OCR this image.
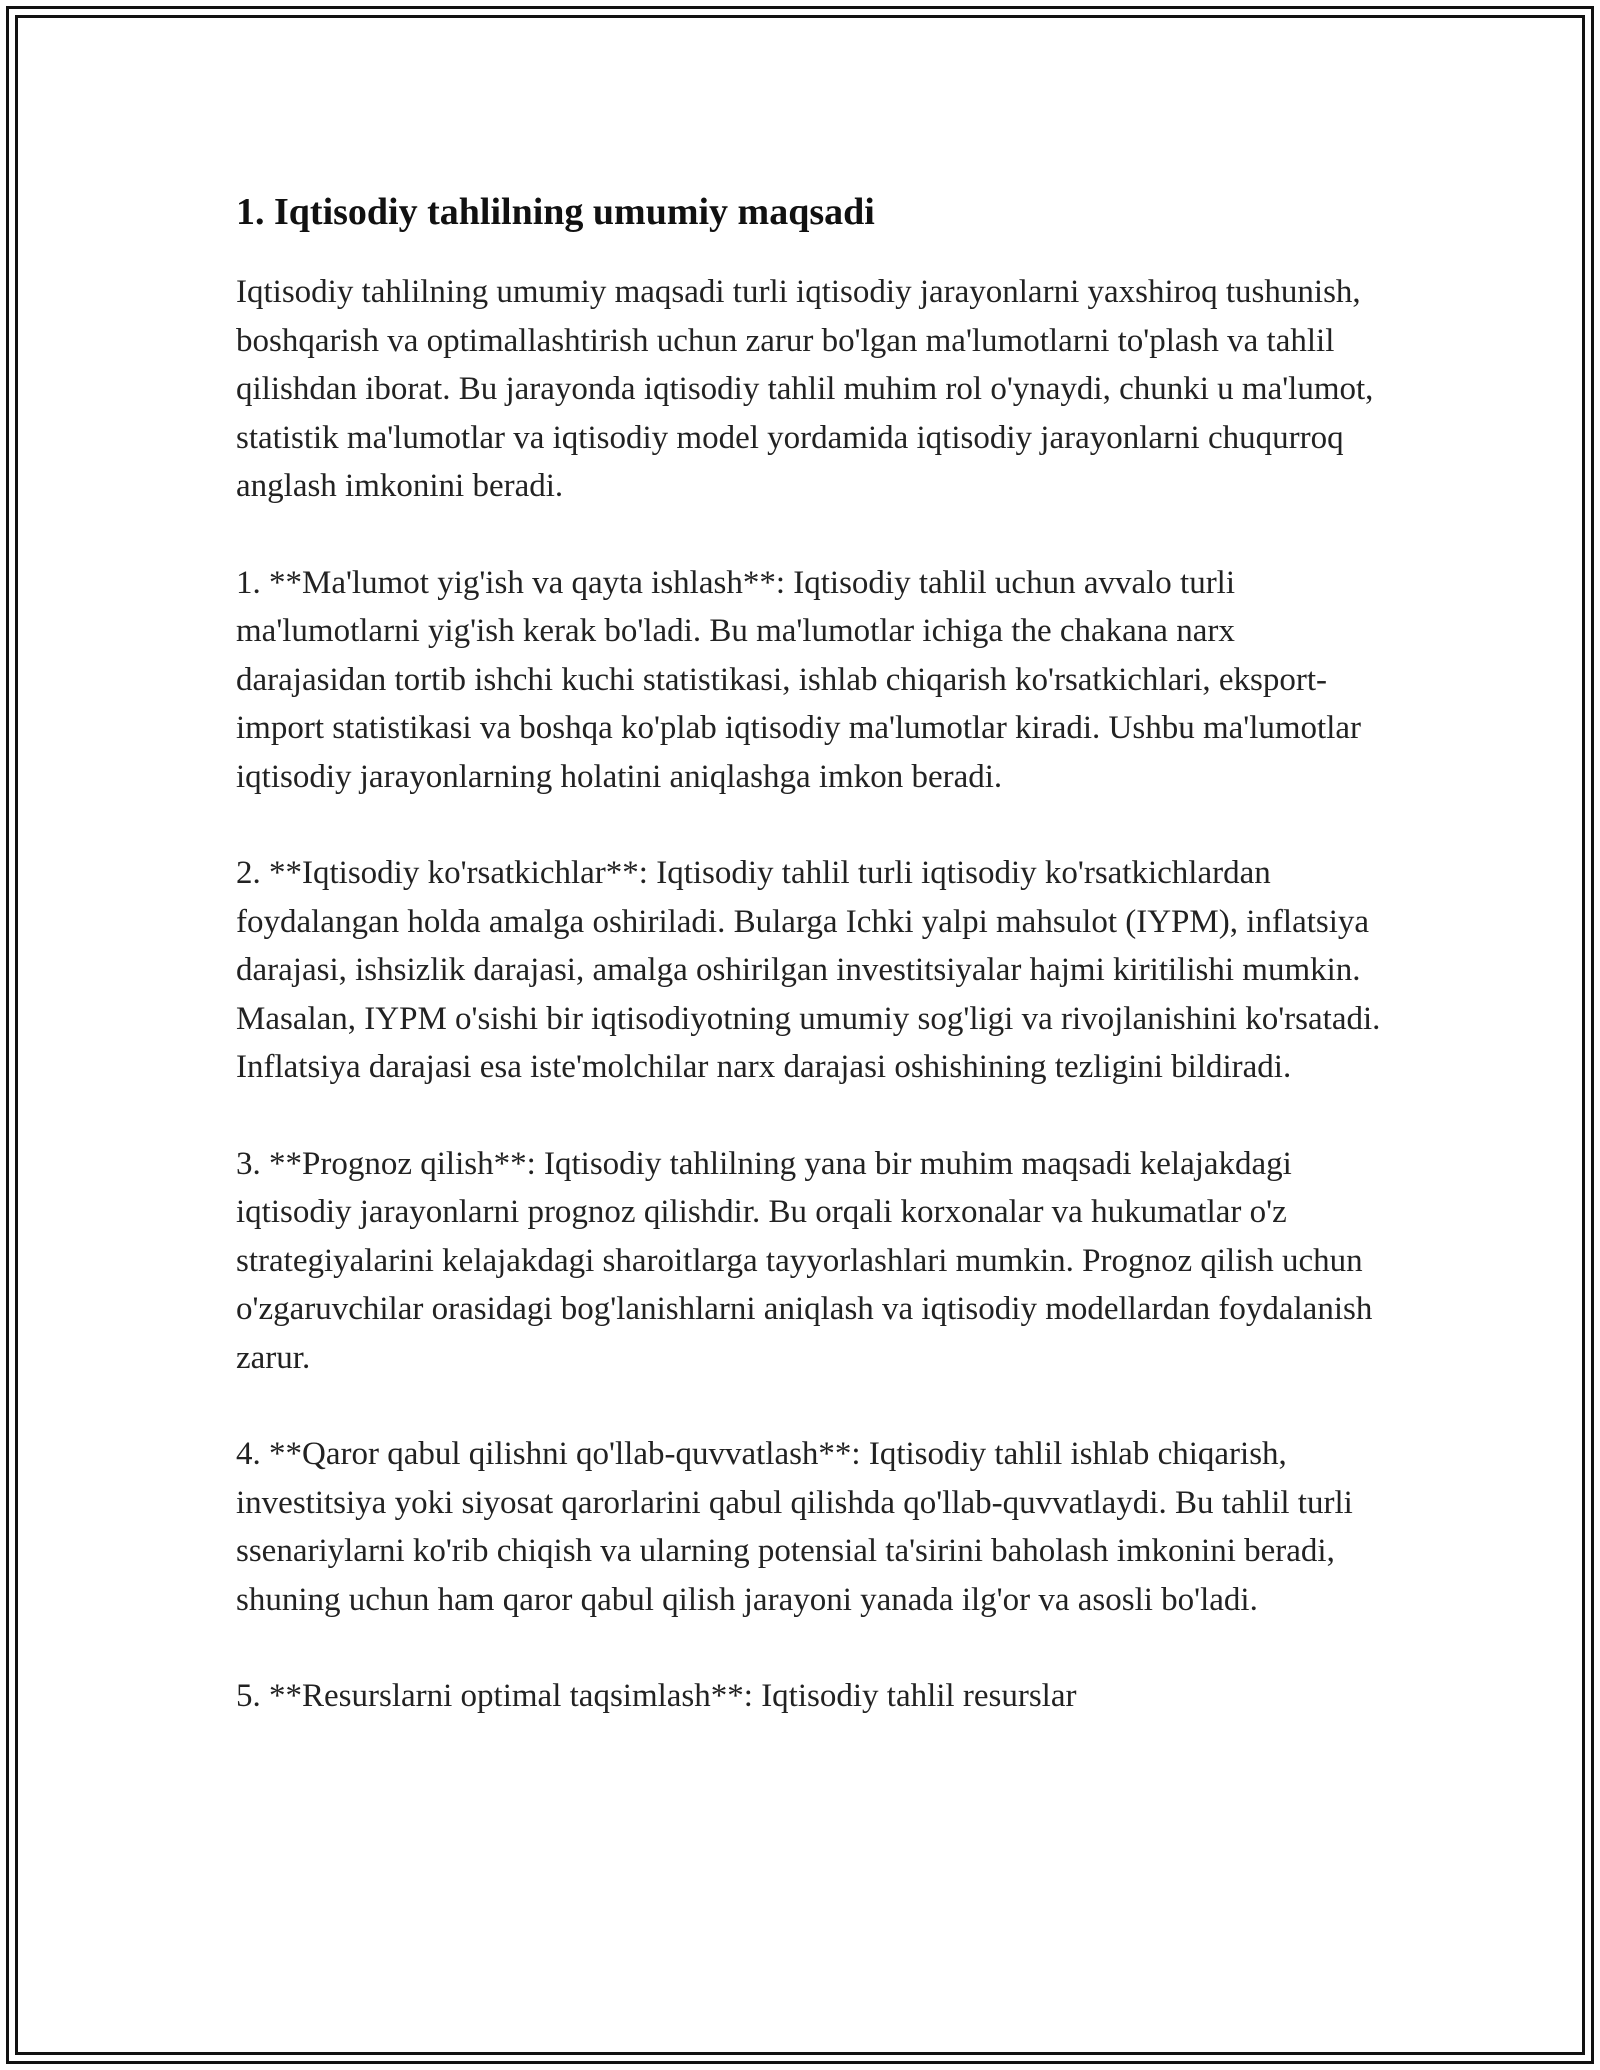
1. Iqtisodiy tahlilning umumiy maqsadi

Iqtisodiy tahlilning umumiy maqsadi turli iqtisodiy jarayonlarni yaxshiroq tushunish, boshqarish va optimallashtirish uchun zarur bo'lgan ma'lumotlarni to'plash va tahlil qilishdan iborat. Bu jarayonda iqtisodiy tahlil muhim rol o'ynaydi, chunki u ma'lumot, statistik ma'lumotlar va iqtisodiy model yordamida iqtisodiy jarayonlarni chuqurroq anglash imkonini beradi.

1. **Ma'lumot yig'ish va qayta ishlash**: Iqtisodiy tahlil uchun avvalo turli ma'lumotlarni yig'ish kerak bo'ladi. Bu ma'lumotlar ichiga the chakana narx darajasidan tortib ishchi kuchi statistikasi, ishlab chiqarish ko'rsatkichlari, eksport-import statistikasi va boshqa ko'plab iqtisodiy ma'lumotlar kiradi. Ushbu ma'lumotlar iqtisodiy jarayonlarning holatini aniqlashga imkon beradi.

2. **Iqtisodiy ko'rsatkichlar**: Iqtisodiy tahlil turli iqtisodiy ko'rsatkichlardan foydalangan holda amalga oshiriladi. Bularga Ichki yalpi mahsulot (IYPM), inflatsiya darajasi, ishsizlik darajasi, amalga oshirilgan investitsiyalar hajmi kiritilishi mumkin. Masalan, IYPM o'sishi bir iqtisodiyotning umumiy sog'ligi va rivojlanishini ko'rsatadi. Inflatsiya darajasi esa iste'molchilar narx darajasi oshishining tezligini bildiradi.

3. **Prognoz qilish**: Iqtisodiy tahlilning yana bir muhim maqsadi kelajakdagi iqtisodiy jarayonlarni prognoz qilishdir. Bu orqali korxonalar va hukumatlar o'z strategiyalarini kelajakdagi sharoitlarga tayyorlashlari mumkin. Prognoz qilish uchun o'zgaruvchilar orasidagi bog'lanishlarni aniqlash va iqtisodiy modellardan foydalanish zarur.

4. **Qaror qabul qilishni qo'llab-quvvatlash**: Iqtisodiy tahlil ishlab chiqarish, investitsiya yoki siyosat qarorlarini qabul qilishda qo'llab-quvvatlaydi. Bu tahlil turli ssenariylarni ko'rib chiqish va ularning potensial ta'sirini baholash imkonini beradi, shuning uchun ham qaror qabul qilish jarayoni yanada ilg'or va asosli bo'ladi.

5. **Resurslarni optimal taqsimlash**: Iqtisodiy tahlil resurslar
